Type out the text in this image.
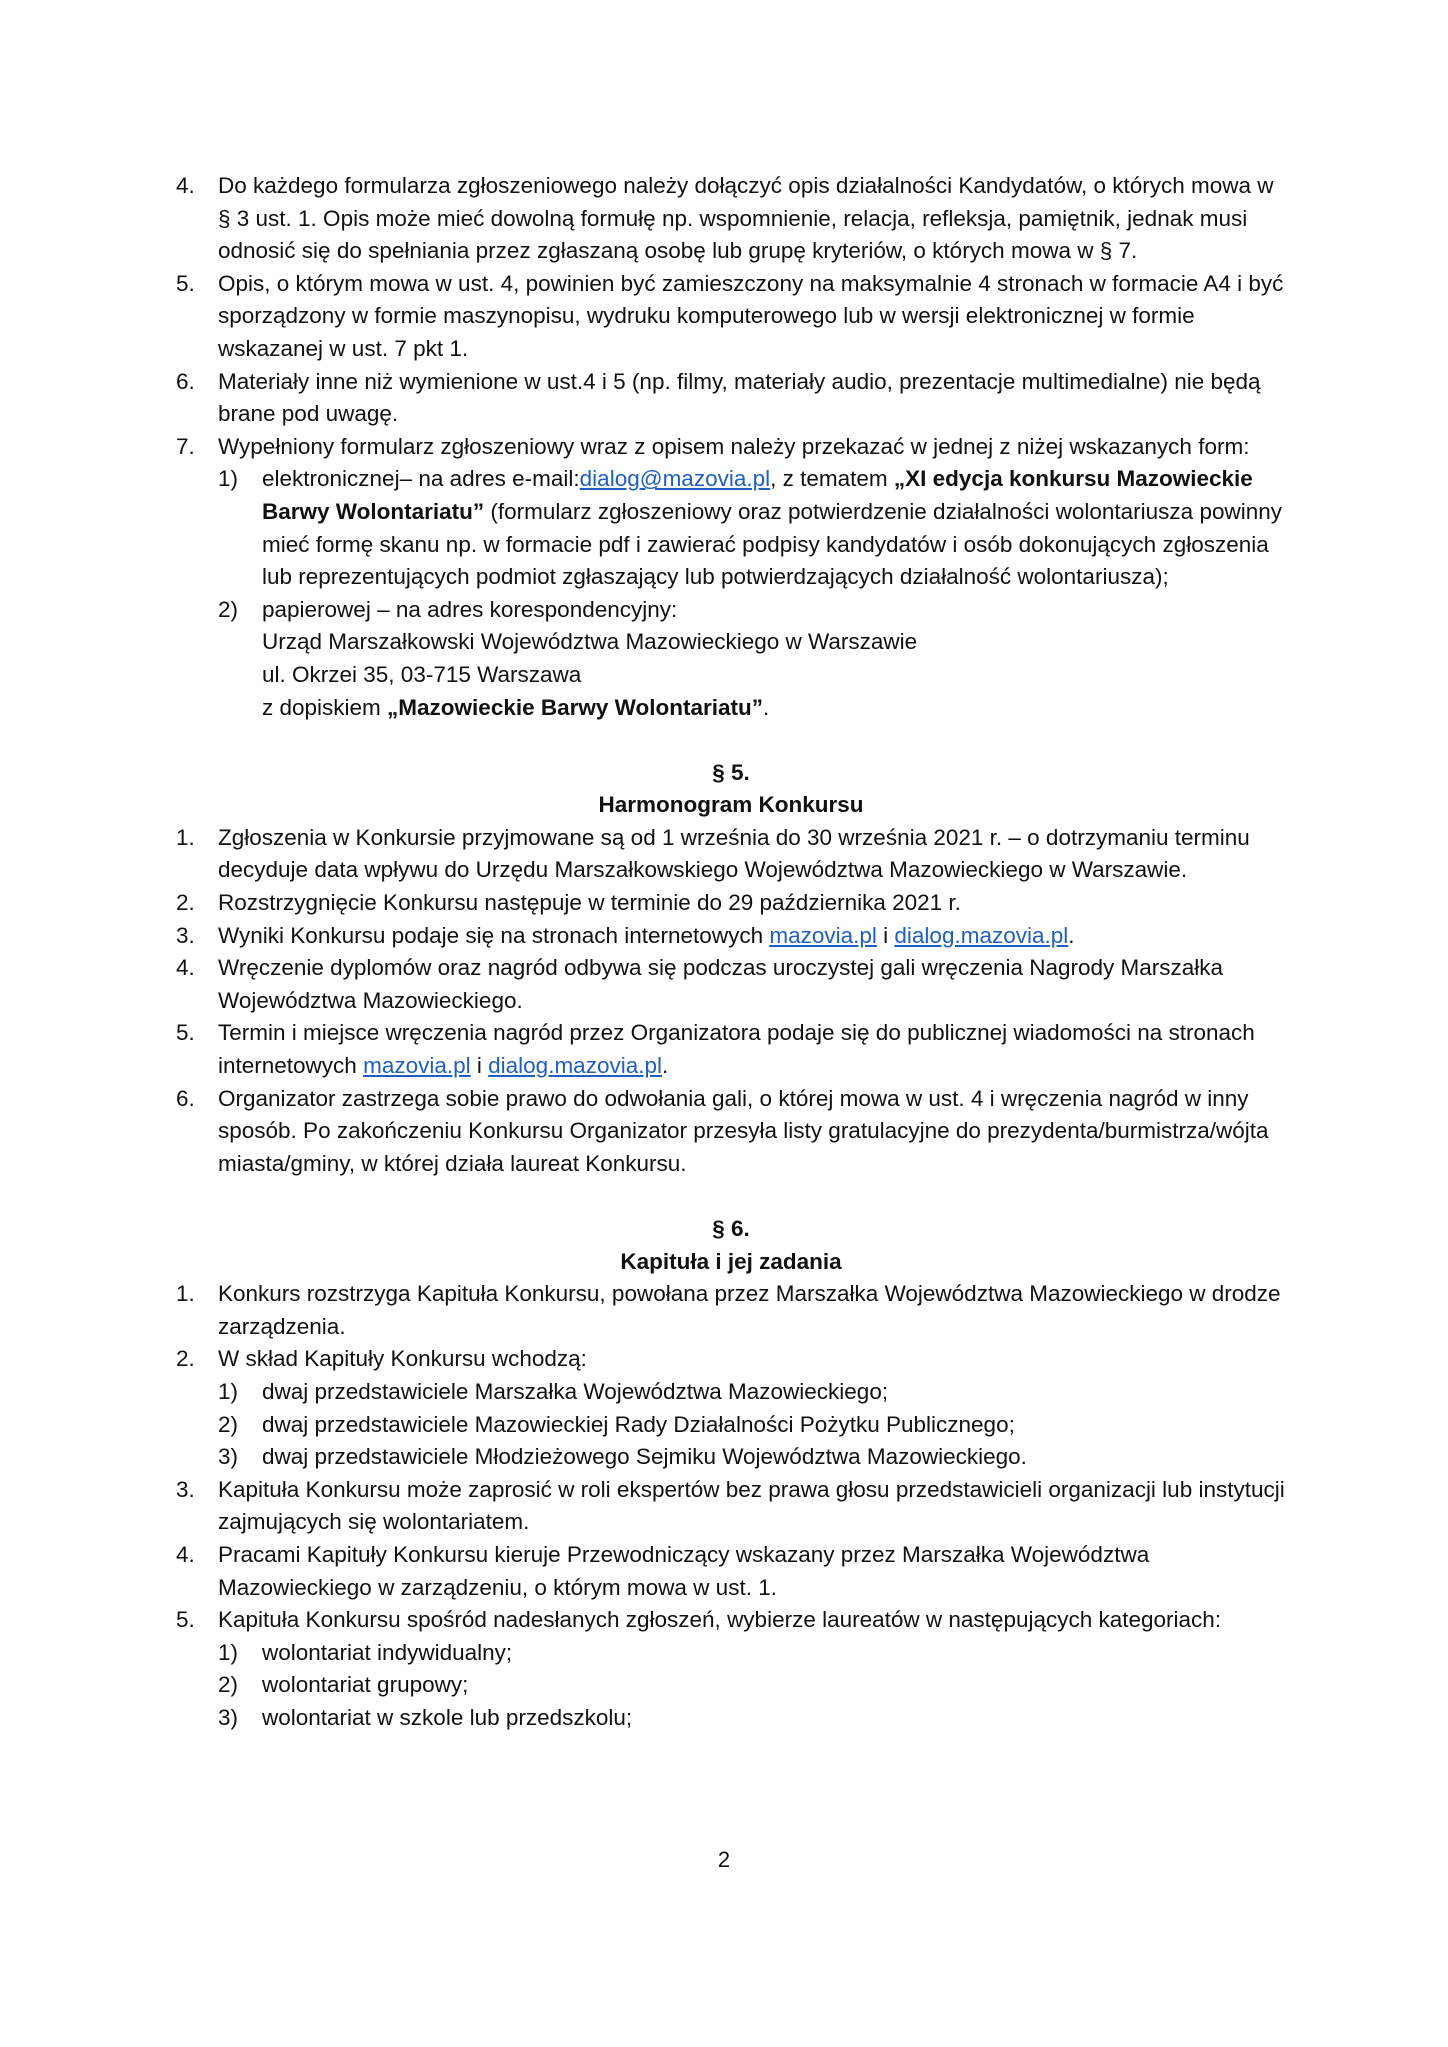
4. Do każdego formularza zgłoszeniowego należy dołączyć opis działalności Kandydatów, o których mowa w § 3 ust. 1. Opis może mieć dowolną formułę np. wspomnienie, relacja, refleksja, pamiętnik, jednak musi odnosić się do spełniania przez zgłaszaną osobę lub grupę kryteriów, o których mowa w § 7.
5. Opis, o którym mowa w ust. 4, powinien być zamieszczony na maksymalnie 4 stronach w formacie A4 i być sporządzony w formie maszynopisu, wydruku komputerowego lub w wersji elektronicznej w formie wskazanej w ust. 7 pkt 1.
6. Materiały inne niż wymienione w ust.4 i 5 (np. filmy, materiały audio, prezentacje multimedialne) nie będą brane pod uwagę.
7. Wypełniony formularz zgłoszeniowy wraz z opisem należy przekazać w jednej z niżej wskazanych form:
1) elektronicznej– na adres e-mail:dialog@mazovia.pl, z tematem „XI edycja konkursu Mazowieckie Barwy Wolontariatu” (formularz zgłoszeniowy oraz potwierdzenie działalności wolontariusza powinny mieć formę skanu np. w formacie pdf i zawierać podpisy kandydatów i osób dokonujących zgłoszenia lub reprezentujących podmiot zgłaszający lub potwierdzających działalność wolontariusza);
2) papierowej – na adres korespondencyjny:
Urząd Marszałkowski Województwa Mazowieckiego w Warszawie
ul. Okrzei 35, 03-715 Warszawa
z dopiskiem „Mazowieckie Barwy Wolontariatu”.
§ 5.
Harmonogram Konkursu
1. Zgłoszenia w Konkursie przyjmowane są od 1 września do 30 września 2021 r. – o dotrzymaniu terminu decyduje data wpływu do Urzędu Marszałkowskiego Województwa Mazowieckiego w Warszawie.
2. Rozstrzygnięcie Konkursu następuje w terminie do 29 października 2021 r.
3. Wyniki Konkursu podaje się na stronach internetowych mazovia.pl i dialog.mazovia.pl.
4. Wręczenie dyplomów oraz nagród odbywa się podczas uroczystej gali wręczenia Nagrody Marszałka Województwa Mazowieckiego.
5. Termin i miejsce wręczenia nagród przez Organizatora podaje się do publicznej wiadomości na stronach internetowych mazovia.pl i dialog.mazovia.pl.
6. Organizator zastrzega sobie prawo do odwołania gali, o której mowa w ust. 4 i wręczenia nagród w inny sposób. Po zakończeniu Konkursu Organizator przesyła listy gratulacyjne do prezydenta/burmistrza/wójta miasta/gminy, w której działa laureat Konkursu.
§ 6.
Kapituła i jej zadania
1. Konkurs rozstrzyga Kapituła Konkursu, powołana przez Marszałka Województwa Mazowieckiego w drodze zarządzenia.
2. W skład Kapituły Konkursu wchodzą:
1) dwaj przedstawiciele Marszałka Województwa Mazowieckiego;
2) dwaj przedstawiciele Mazowieckiej Rady Działalności Pożytku Publicznego;
3) dwaj przedstawiciele Młodzieżowego Sejmiku Województwa Mazowieckiego.
3. Kapituła Konkursu może zaprosić w roli ekspertów bez prawa głosu przedstawicieli organizacji lub instytucji zajmujących się wolontariatem.
4. Pracami Kapituły Konkursu kieruje Przewodniczący wskazany przez Marszałka Województwa Mazowieckiego w zarządzeniu, o którym mowa w ust. 1.
5. Kapituła Konkursu spośród nadesłanych zgłoszeń, wybierze laureatów w następujących kategoriach:
1) wolontariat indywidualny;
2) wolontariat grupowy;
3) wolontariat w szkole lub przedszkolu;
2
